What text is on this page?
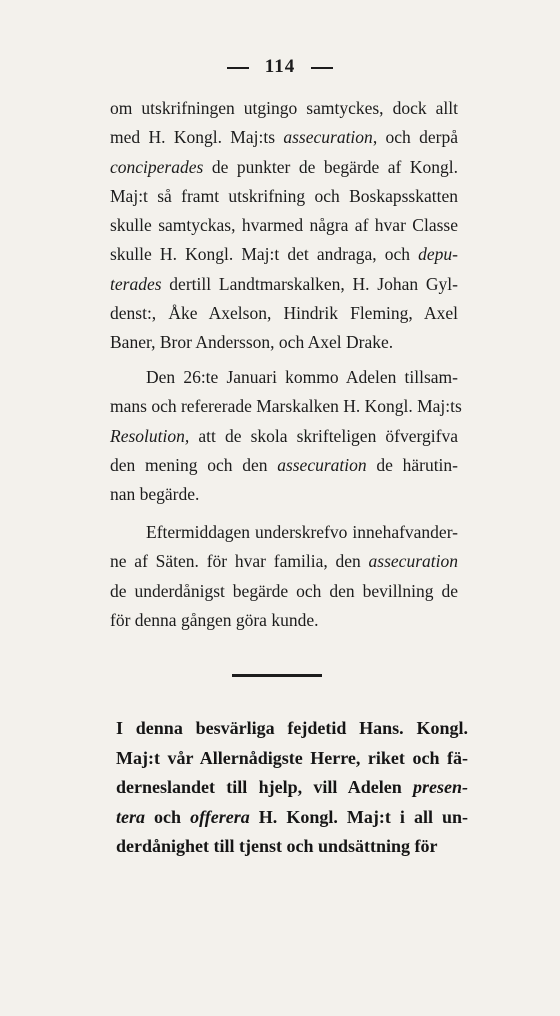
114
om utskrifningen utgingo samtyckes, dock allt
med H. Kongl. Maj:ts assecuration, och derpå
conciperades de punkter de begärde af Kongl.
Maj:t så framt utskrifning och Boskapsskatten
skulle samtyckas, hvarmed några af hvar Classe
skulle H. Kongl. Maj:t det andraga, och depu-
terades dertill Landtmarskalken, H. Johan Gyl-
denst:, Åke Axelson, Hindrik Fleming, Axel
Baner, Bror Andersson, och Axel Drake.
Den 26:te Januari kommo Adelen tillsam-
mans och refererade Marskalken H. Kongl. Maj:ts
Resolution, att de skola skrifteligen öfvergifva
den mening och den assecuration de härutin-
nan begärde.
Eftermiddagen underskrefvo innehafvander-
ne af Säten. för hvar familia, den assecuration
de underdånigst begärde och den bevillning de
för denna gången göra kunde.
I denna besvärliga fejdetid Hans. Kongl.
Maj:t vår Allernådigste Herre, riket och fä-
derneslandet till hjelp, vill Adelen presen-
tera och offerera H. Kongl. Maj:t i all un-
derdånighet till tjenst och undsättning för
